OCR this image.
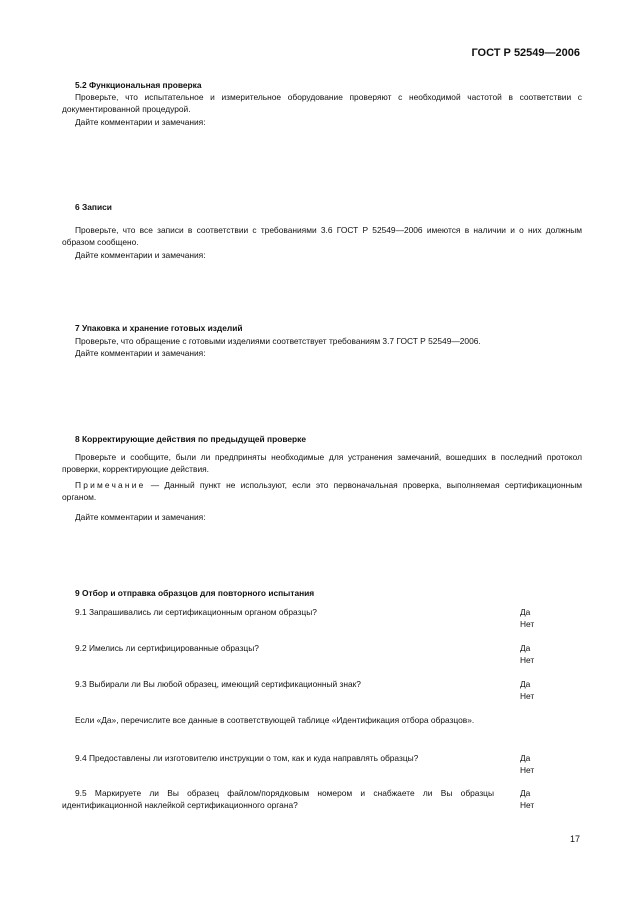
ГОСТ Р 52549—2006
5.2 Функциональная проверка
Проверьте, что испытательное и измерительное оборудование проверяют с необходимой частотой в соответствии с документированной процедурой.
Дайте комментарии и замечания:
6 Записи
Проверьте, что все записи в соответствии с требованиями 3.6 ГОСТ Р 52549—2006 имеются в наличии и о них должным образом сообщено.
Дайте комментарии и замечания:
7 Упаковка и хранение готовых изделий
Проверьте, что обращение с готовыми изделиями соответствует требованиям 3.7 ГОСТ Р 52549—2006.
Дайте комментарии и замечания:
8 Корректирующие действия по предыдущей проверке
Проверьте и сообщите, были ли предприняты необходимые для устранения замечаний, вошедших в последний протокол проверки, корректирующие действия.
Примечание — Данный пункт не используют, если это первоначальная проверка, выполняемая сертификационным органом.
Дайте комментарии и замечания:
9 Отбор и отправка образцов для повторного испытания
9.1 Запрашивались ли сертификационным органом образцы?	Да
Нет
9.2 Имелись ли сертифицированные образцы?	Да
Нет
9.3 Выбирали ли Вы любой образец, имеющий сертификационный знак?	Да
Нет
Если «Да», перечислите все данные в соответствующей таблице «Идентификация отбора образцов».
9.4 Предоставлены ли изготовителю инструкции о том, как и куда направлять образцы?	Да
Нет
9.5 Маркируете ли Вы образец файлом/порядковым номером и снабжаете ли Вы образцы идентификационной наклейкой сертификационного органа?
Да
Нет
17
